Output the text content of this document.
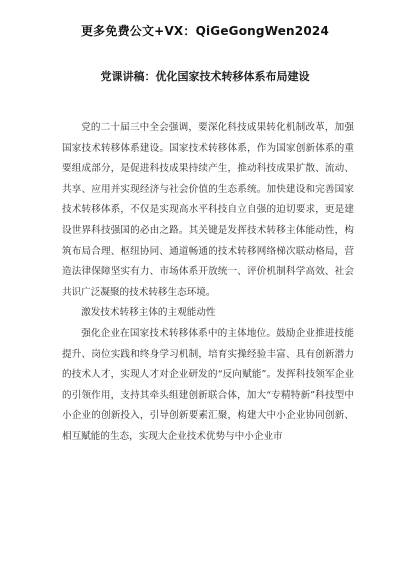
更多免费公文+VX：QiGeGongWen2024
党课讲稿：优化国家技术转移体系布局建设

党的二十届三中全会强调，要深化科技成果转化机制改革，加强国家技术转移体系建设。国家技术转移体系，作为国家创新体系的重要组成部分，是促进科技成果持续产生，推动科技成果扩散、流动、共享、应用并实现经济与社会价值的生态系统。加快建设和完善国家技术转移体系，不仅是实现高水平科技自立自强的迫切要求，更是建设世界科技强国的必由之路。其关键是发挥技术转移主体能动性，构筑布局合理、枢纽协同、通道畅通的技术转移网络梯次联动格局，营造法律保障坚实有力、市场体系开放统一、评价机制科学高效、社会共识广泛凝聚的技术转移生态环境。

激发技术转移主体的主观能动性

强化企业在国家技术转移体系中的主体地位。鼓励企业推进技能提升、岗位实践和终身学习机制，培育实操经验丰富、具有创新潜力的技术人才，实现人才对企业研发的“反向赋能”。发挥科技领军企业的引领作用，支持其牵头组建创新联合体，加大“专精特新”科技型中小企业的创新投入，引导创新要素汇聚，构建大中小企业协同创新、相互赋能的生态，实现大企业技术优势与中小企业市
